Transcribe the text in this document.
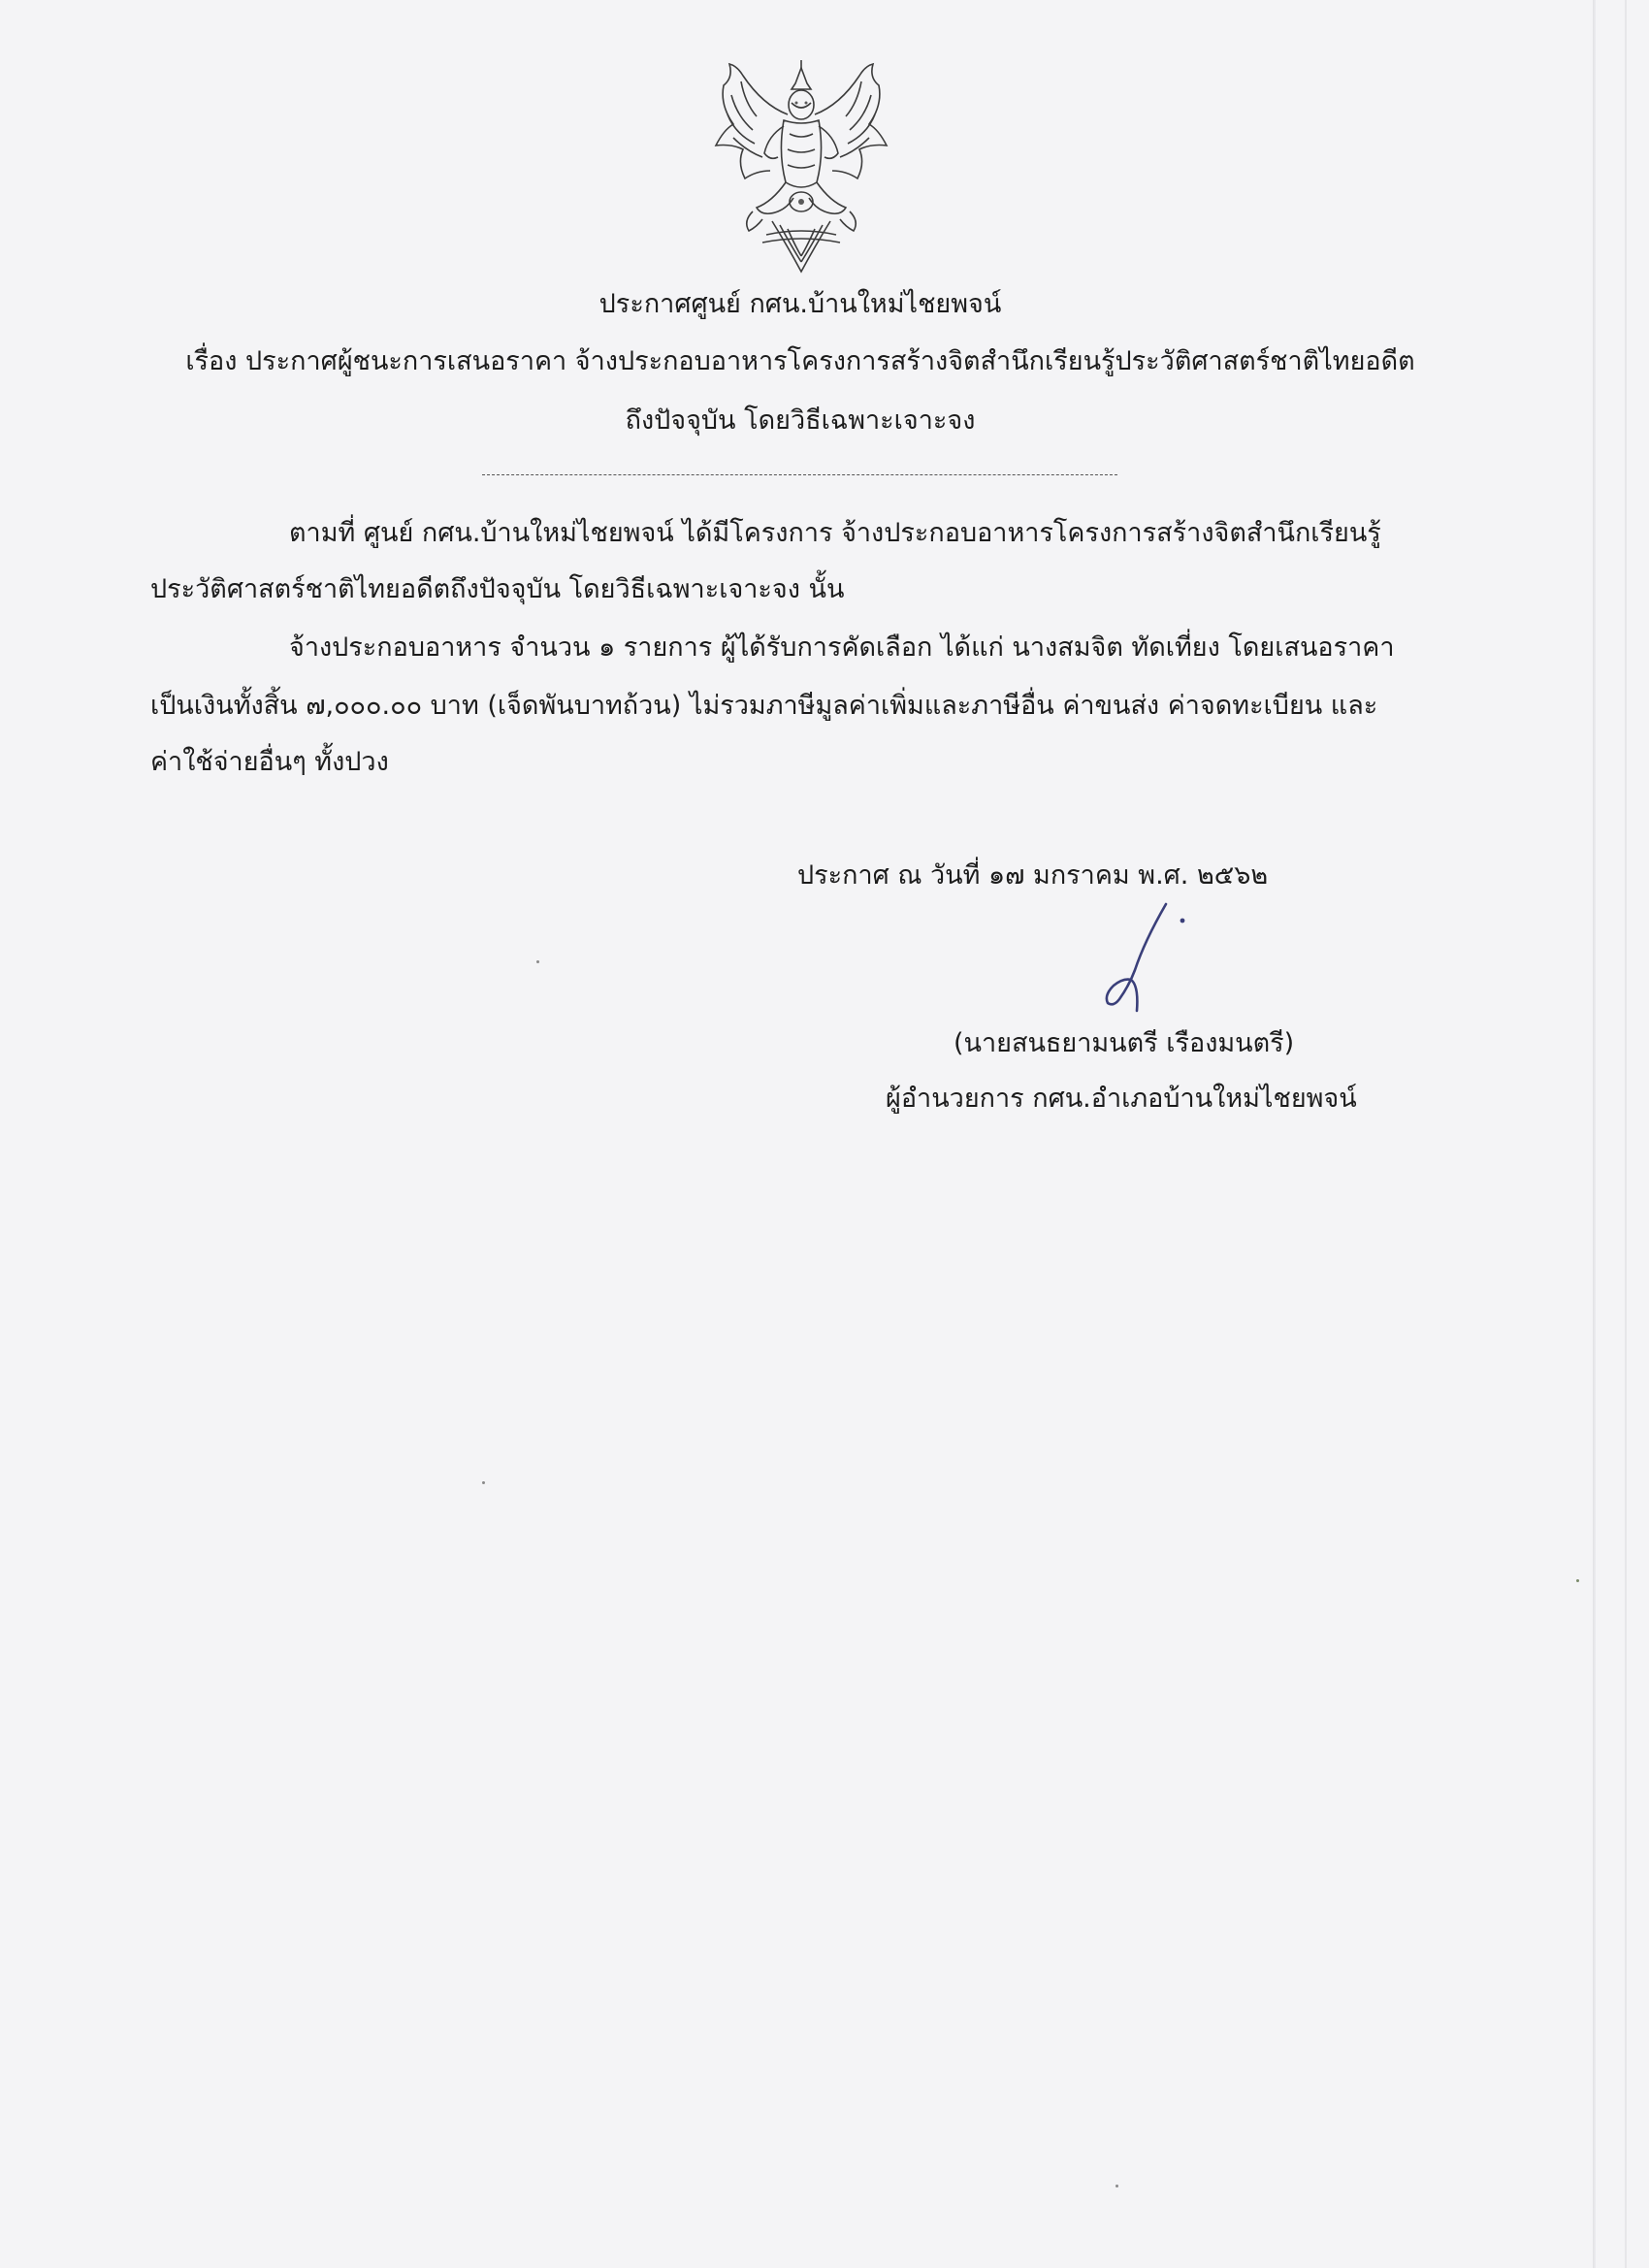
ประกาศศูนย์ กศน.บ้านใหม่ไชยพจน์
เรื่อง ประกาศผู้ชนะการเสนอราคา จ้างประกอบอาหารโครงการสร้างจิตสำนึกเรียนรู้ประวัติศาสตร์ชาติไทยอดีต
ถึงปัจจุบัน โดยวิธีเฉพาะเจาะจง
ตามที่ ศูนย์ กศน.บ้านใหม่ไชยพจน์ ได้มีโครงการ จ้างประกอบอาหารโครงการสร้างจิตสำนึกเรียนรู้
ประวัติศาสตร์ชาติไทยอดีตถึงปัจจุบัน โดยวิธีเฉพาะเจาะจง นั้น
จ้างประกอบอาหาร จำนวน ๑ รายการ ผู้ได้รับการคัดเลือก ได้แก่ นางสมจิต ทัดเที่ยง โดยเสนอราคา
เป็นเงินทั้งสิ้น ๗,๐๐๐.๐๐ บาท (เจ็ดพันบาทถ้วน) ไม่รวมภาษีมูลค่าเพิ่มและภาษีอื่น ค่าขนส่ง ค่าจดทะเบียน และ
ค่าใช้จ่ายอื่นๆ ทั้งปวง
ประกาศ ณ วันที่ ๑๗ มกราคม พ.ศ. ๒๕๖๒
(นายสนธยามนตรี เรืองมนตรี)
ผู้อำนวยการ กศน.อำเภอบ้านใหม่ไชยพจน์
